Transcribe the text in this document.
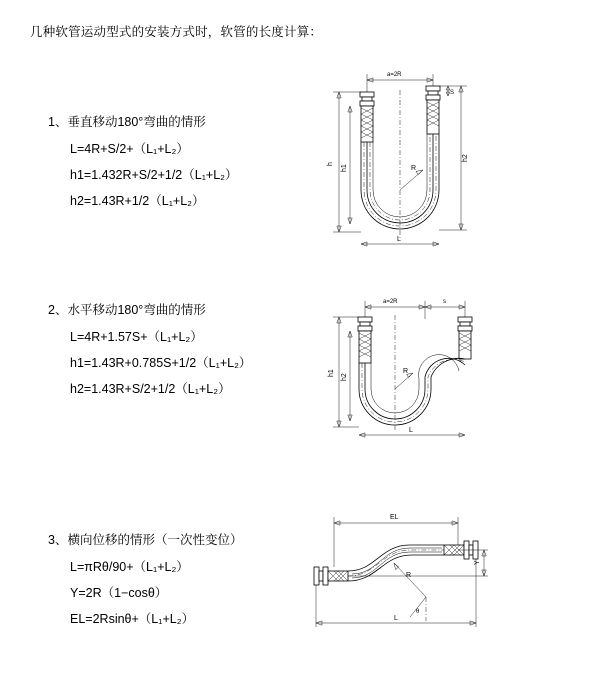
几种软管运动型式的安装方式时，软管的长度计算：
1、垂直移动180°弯曲的情形
L=4R+S/2+（L₁+L₂）
h1=1.432R+S/2+1/2（L₁+L₂）
h2=1.43R+1/2（L₁+L₂）
a=2R
R
L
h
h1
h2
S
2、水平移动180°弯曲的情形
L=4R+1.57S+（L₁+L₂）
h1=1.43R+0.785S+1/2（L₁+L₂）
h2=1.43R+S/2+1/2（L₁+L₂）
a=2R	s
R
L
h1
h2
3、横向位移的情形（一次性变位）
L=πRθ/90+（L₁+L₂）
Y=2R（1−cosθ）
EL=2Rsinθ+（L₁+L₂）
EL
R
θ
Y
L
